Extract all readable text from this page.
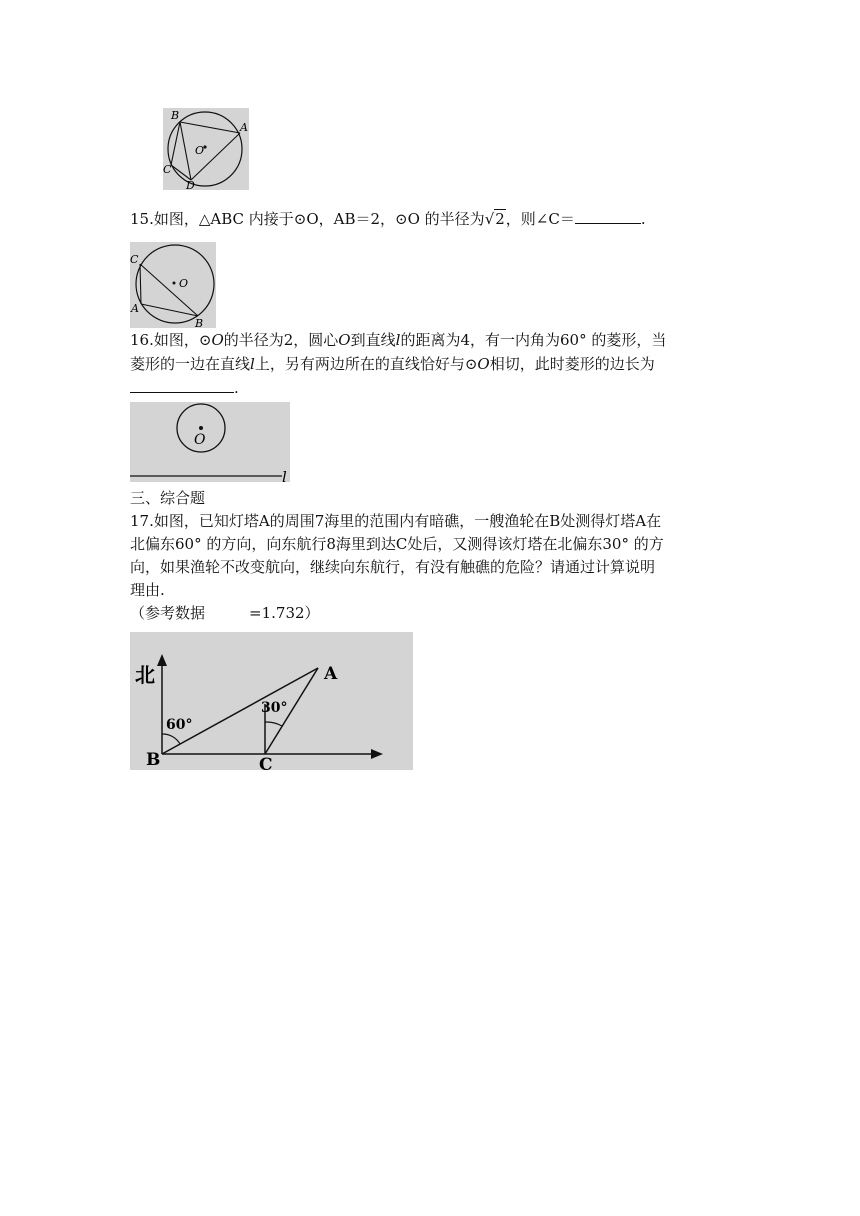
B
A
C
D
O
15.如图，△ABC 内接于⊙O，AB＝2，⊙O 的半径为√2，则∠C＝	.
C
O
A
B
16.如图，⊙O的半径为2，圆心O到直线l的距离为4，有一内角为60° 的菱形，当
菱形的一边在直线l上，另有两边所在的直线恰好与⊙O相切，此时菱形的边长为
.
O
l
三、综合题
17.如图，已知灯塔A的周围7海里的范围内有暗礁，一艘渔轮在B处测得灯塔A在
北偏东60° 的方向，向东航行8海里到达C处后，又测得该灯塔在北偏东30° 的方
向，如果渔轮不改变航向，继续向东航行，有没有触礁的危险？请通过计算说明
理由.
（参考数据	=1.732）
北
60°
30°
A
B	C
